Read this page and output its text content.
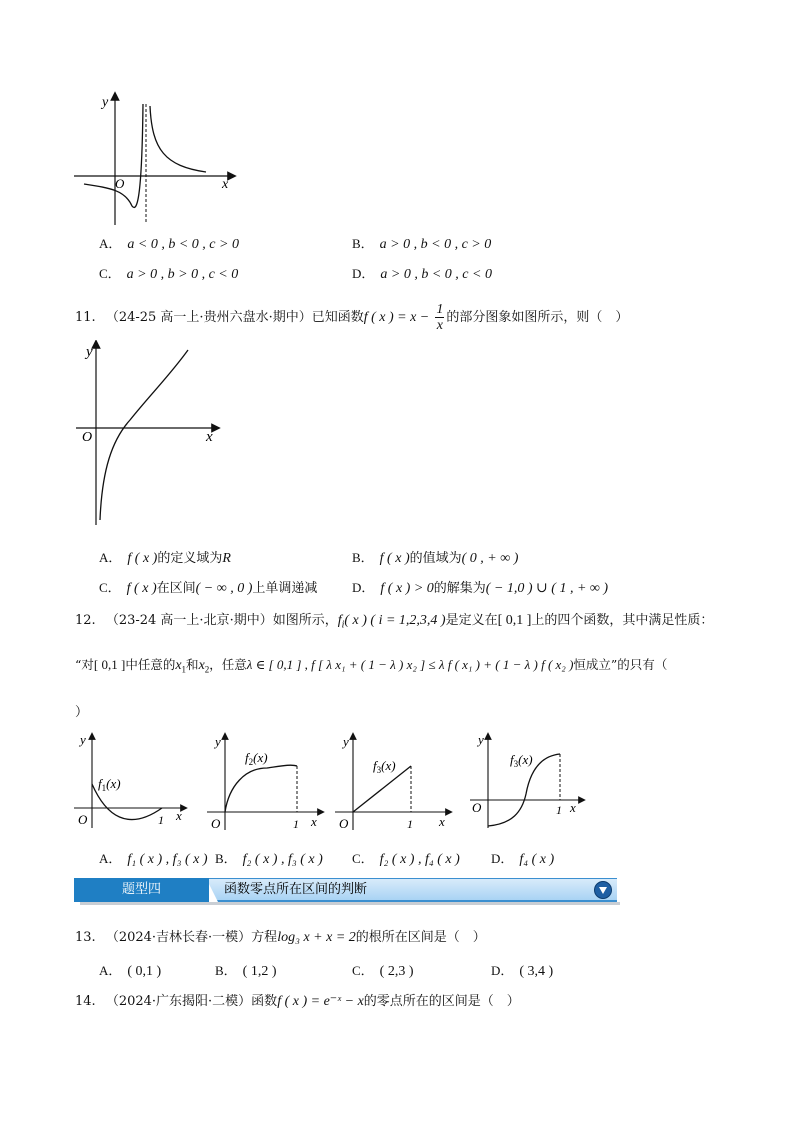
y
x
O
A． a < 0 , b < 0 , c > 0	B． a > 0 , b < 0 , c > 0
C． a > 0 , b > 0 , c < 0	D． a > 0 , b < 0 , c < 0
11. （24-25 高一上·贵州六盘水·期中）已知函数f ( x ) = $x - \frac{1}{x}$ 的部分图象如图所示，则（　）
y
x
O
A． f ( x )的定义域为R	B． f ( x )的值域为( 0 , + ∞ )
C． f ( x )在区间( − ∞ , 0 )上单调递减	D． f ( x ) > 0的解集为( − 1,0 ) ∪ ( 1 , + ∞ )
12. （23-24 高一上·北京·期中）如图所示，$f_i$( x ) ( i = 1,2,3,4 )是定义在[ 0,1 ]上的四个函数，其中满足性质：
“对[ 0,1 ]中任意的$x_1$和$x_2$，任意λ ∈ [ 0,1 ] , f [ λ x₁ + ( 1 − λ ) x₂ ] ≤ λ f ( x₁ ) + ( 1 − λ ) f ( x₂ )恒成立”的只有（
）
y
x
O	1
$f_1(x)$
y
x
O	1
$f_2(x)$
y
x
O	1
$f_3(x)$
y
x
O	1
$f_3(x)$
A． f₁ ( x ) , f₃ ( x ) B． f₂ ( x ) , f₃ ( x ) C． f₂ ( x ) , f₄ ( x ) D． f₄ ( x )
题型四	函数零点所在区间的判断
13. （2024·吉林长春·一模）方程log₃ x + x = 2的根所在区间是（　）
A． ( 0,1 )	B． ( 1,2 )	C． ( 2,3 )	D． ( 3,4 )
14. （2024·广东揭阳·二模）函数f ( x ) = e⁻ˣ − x的零点所在的区间是（　）
